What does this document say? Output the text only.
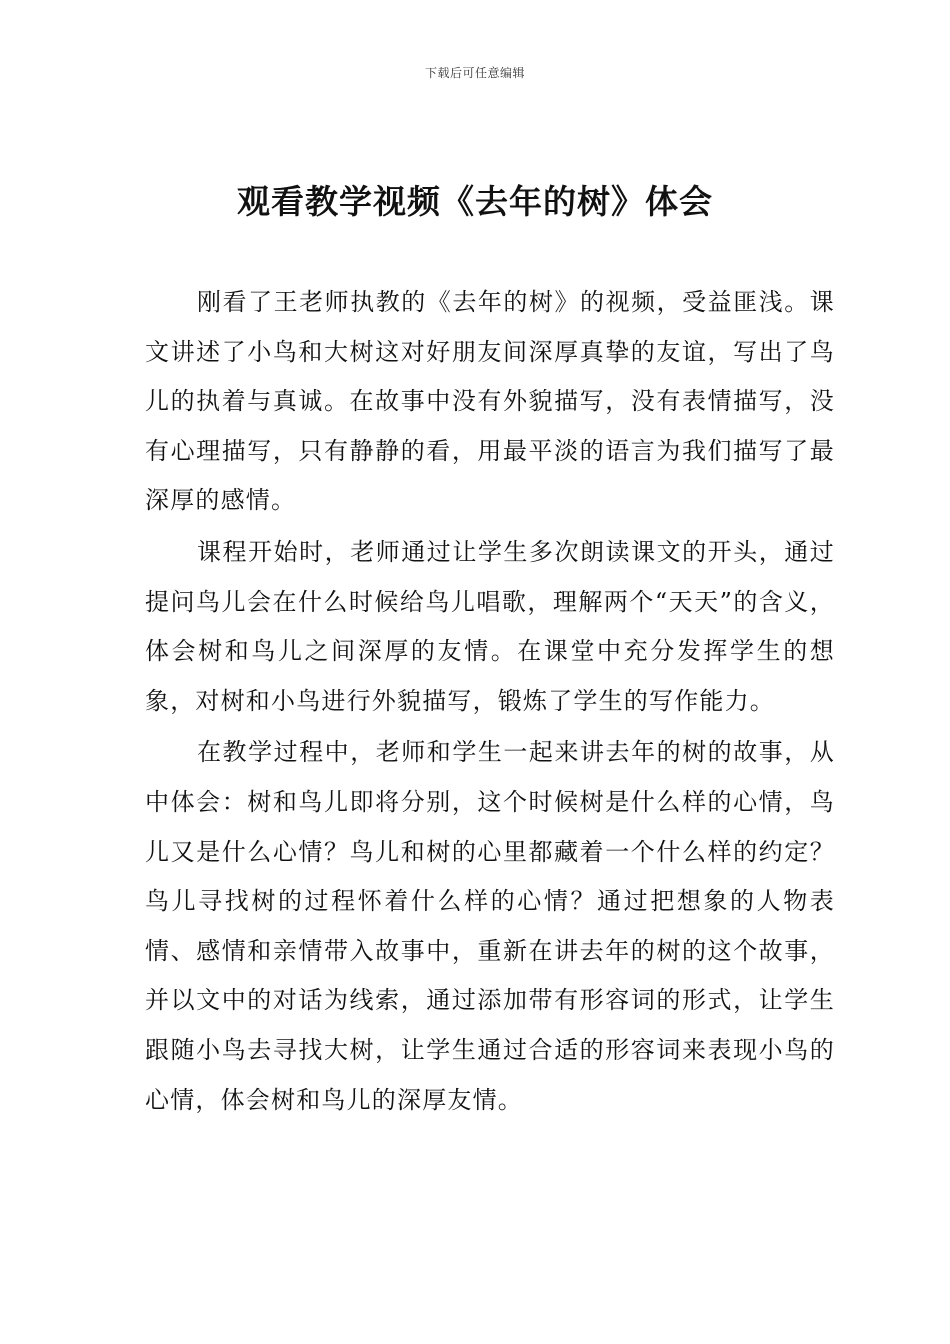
下载后可任意编辑
观看教学视频《去年的树》体会

刚看了王老师执教的《去年的树》的视频，受益匪浅。课文讲述了小鸟和大树这对好朋友间深厚真挚的友谊，写出了鸟儿的执着与真诚。在故事中没有外貌描写，没有表情描写，没有心理描写，只有静静的看，用最平淡的语言为我们描写了最深厚的感情。

课程开始时，老师通过让学生多次朗读课文的开头，通过提问鸟儿会在什么时候给鸟儿唱歌，理解两个“天天”的含义，体会树和鸟儿之间深厚的友情。在课堂中充分发挥学生的想象，对树和小鸟进行外貌描写，锻炼了学生的写作能力。

在教学过程中，老师和学生一起来讲去年的树的故事，从中体会：树和鸟儿即将分别，这个时候树是什么样的心情，鸟儿又是什么心情？鸟儿和树的心里都藏着一个什么样的约定？鸟儿寻找树的过程怀着什么样的心情？通过把想象的人物表情、感情和亲情带入故事中，重新在讲去年的树的这个故事，并以文中的对话为线索，通过添加带有形容词的形式，让学生跟随小鸟去寻找大树，让学生通过合适的形容词来表现小鸟的心情，体会树和鸟儿的深厚友情。
